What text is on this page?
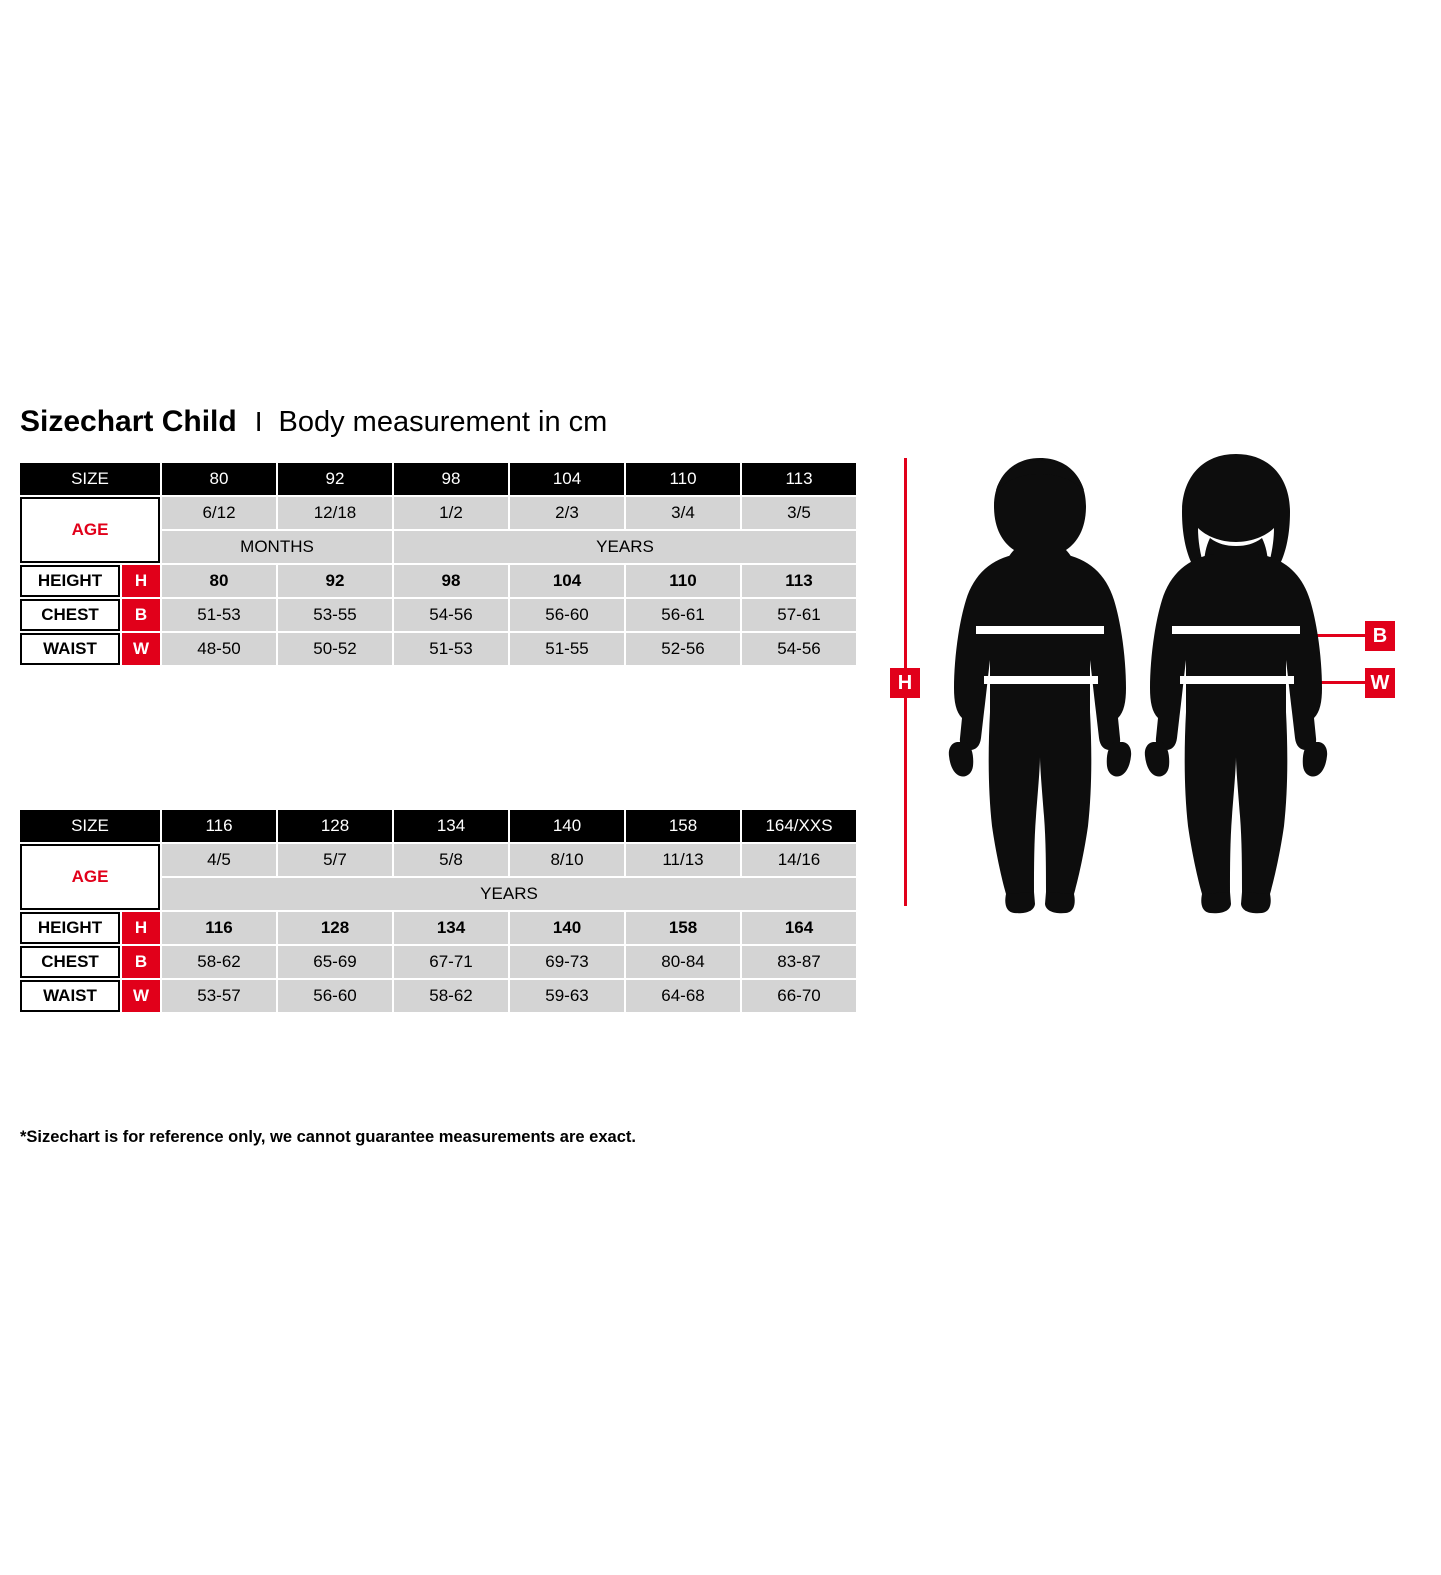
Sizechart Child I Body measurement in cm
SIZE		80	92	98	104	110	113
AGE		6/12	12/18	1/2	2/3	3/4	3/5
		MONTHS		YEARS			
HEIGHT	H	80	92	98	104	110	113
CHEST	B	51-53	53-55	54-56	56-60	56-61	57-61
WAIST	W	48-50	50-52	51-53	51-55	52-56	54-56
SIZE		116	128	134	140	158	164/XXS
AGE		4/5	5/7	5/8	8/10	11/13	14/16
		YEARS					
HEIGHT	H	116	128	134	140	158	164
CHEST	B	58-62	65-69	67-71	69-73	80-84	83-87
WAIST	W	53-57	56-60	58-62	59-63	64-68	66-70
H
B
W
*Sizechart is for reference only, we cannot guarantee measurements are exact.
